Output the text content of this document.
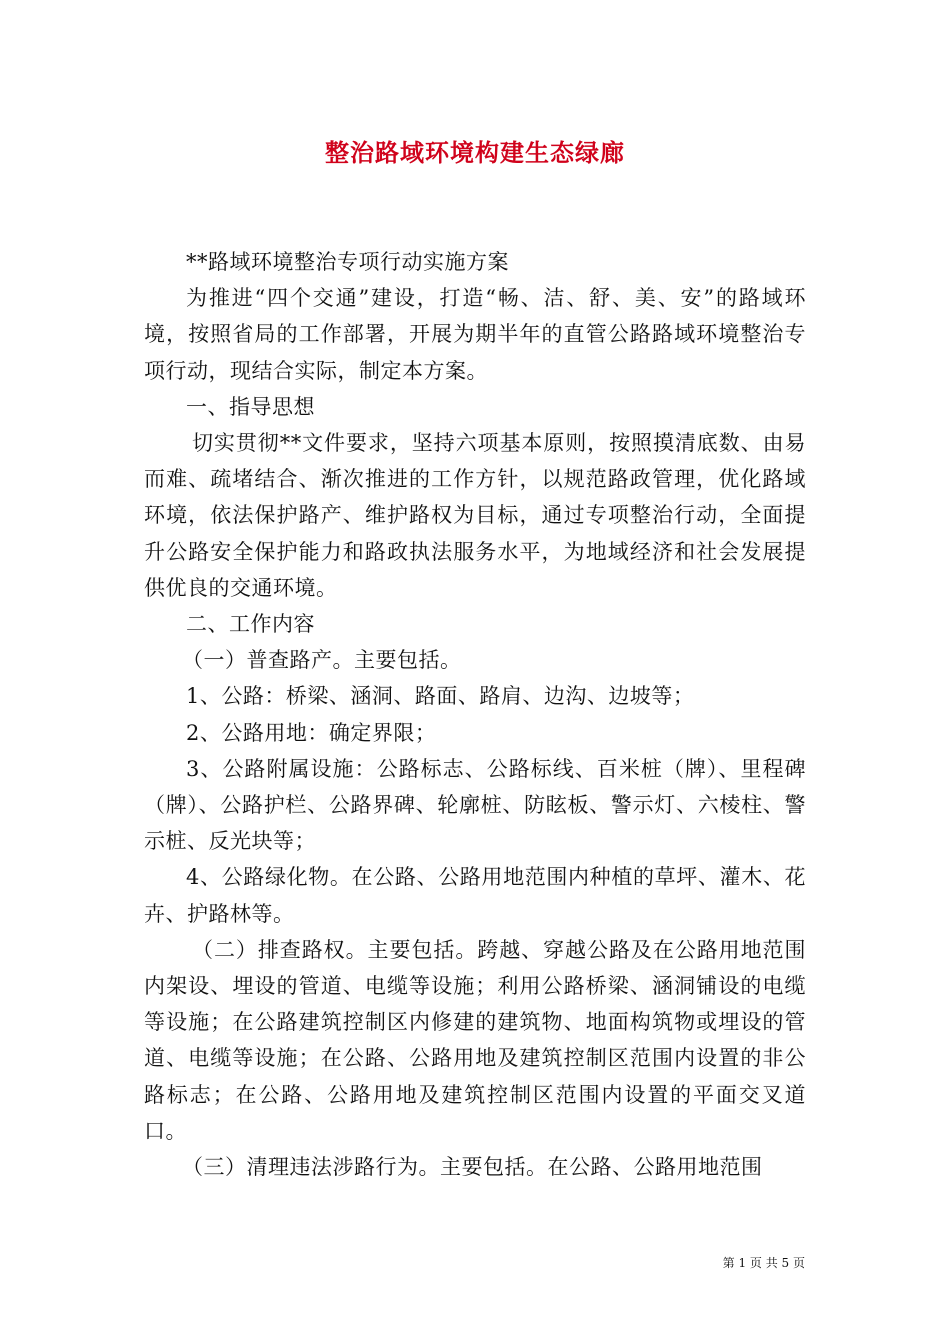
整治路域环境构建生态绿廊

**路域环境整治专项行动实施方案

为推进“四个交通”建设，打造“畅、洁、舒、美、安”的路域环境，按照省局的工作部署，开展为期半年的直管公路路域环境整治专项行动，现结合实际，制定本方案。

一、指导思想

切实贯彻**文件要求，坚持六项基本原则，按照摸清底数、由易而难、疏堵结合、渐次推进的工作方针，以规范路政管理，优化路域环境，依法保护路产、维护路权为目标，通过专项整治行动，全面提升公路安全保护能力和路政执法服务水平，为地域经济和社会发展提供优良的交通环境。

二、工作内容

（一）普查路产。主要包括。

1、公路：桥梁、涵洞、路面、路肩、边沟、边坡等；

2、公路用地：确定界限；

3、公路附属设施：公路标志、公路标线、百米桩（牌）、里程碑（牌）、公路护栏、公路界碑、轮廓桩、防眩板、警示灯、六棱柱、警示桩、反光块等；

4、公路绿化物。在公路、公路用地范围内种植的草坪、灌木、花卉、护路林等。

（二）排查路权。主要包括。跨越、穿越公路及在公路用地范围内架设、埋设的管道、电缆等设施；利用公路桥梁、涵洞铺设的电缆等设施；在公路建筑控制区内修建的建筑物、地面构筑物或埋设的管道、电缆等设施；在公路、公路用地及建筑控制区范围内设置的非公路标志；在公路、公路用地及建筑控制区范围内设置的平面交叉道口。

（三）清理违法涉路行为。主要包括。在公路、公路用地范围

第 1 页 共 5 页
